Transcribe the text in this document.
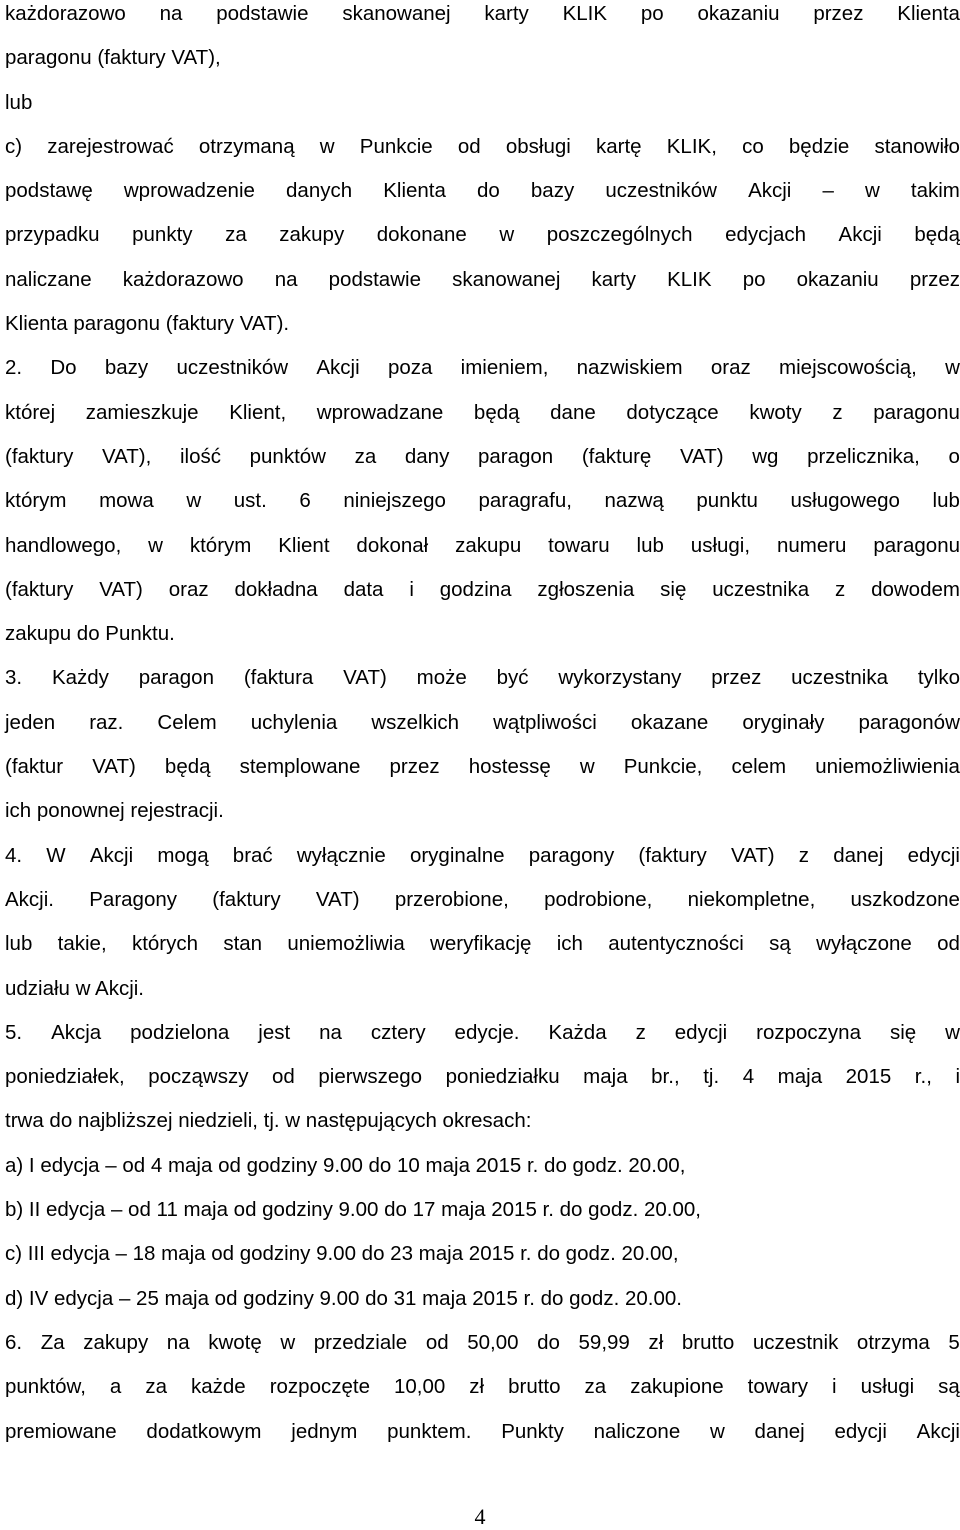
każdorazowo na podstawie skanowanej karty KLIK po okazaniu przez Klienta
paragonu (faktury VAT),
lub
c) zarejestrować otrzymaną w Punkcie od obsługi kartę KLIK, co będzie stanowiło
podstawę wprowadzenie danych Klienta do bazy uczestników Akcji – w takim
przypadku punkty za zakupy dokonane w poszczególnych edycjach Akcji będą
naliczane każdorazowo na podstawie skanowanej karty KLIK po okazaniu przez
Klienta paragonu (faktury VAT).
2. Do bazy uczestników Akcji poza imieniem, nazwiskiem oraz miejscowością, w
której zamieszkuje Klient, wprowadzane będą dane dotyczące kwoty z paragonu
(faktury VAT), ilość punktów za dany paragon (fakturę VAT) wg przelicznika, o
którym mowa w ust. 6 niniejszego paragrafu, nazwą punktu usługowego lub
handlowego, w którym Klient dokonał zakupu towaru lub usługi, numeru paragonu
(faktury VAT) oraz dokładna data i godzina zgłoszenia się uczestnika z dowodem
zakupu do Punktu.
3. Każdy paragon (faktura VAT) może być wykorzystany przez uczestnika tylko
jeden raz. Celem uchylenia wszelkich wątpliwości okazane oryginały paragonów
(faktur VAT) będą stemplowane przez hostessę w Punkcie, celem uniemożliwienia
ich ponownej rejestracji.
4. W Akcji mogą brać wyłącznie oryginalne paragony (faktury VAT) z danej edycji
Akcji. Paragony (faktury VAT) przerobione, podrobione, niekompletne, uszkodzone
lub takie, których stan uniemożliwia weryfikację ich autentyczności są wyłączone od
udziału w Akcji.
5. Akcja podzielona jest na cztery edycje. Każda z edycji rozpoczyna się w
poniedziałek, począwszy od pierwszego poniedziałku maja br., tj. 4 maja 2015 r., i
trwa do najbliższej niedzieli, tj. w następujących okresach:
a) I edycja – od 4 maja od godziny 9.00 do 10 maja 2015 r. do godz. 20.00,
b) II edycja – od 11 maja od godziny 9.00 do 17 maja 2015 r. do godz. 20.00,
c) III edycja – 18 maja od godziny 9.00 do 23 maja 2015 r. do godz. 20.00,
d) IV edycja – 25 maja od godziny 9.00 do 31 maja 2015 r. do godz. 20.00.
6. Za zakupy na kwotę w przedziale od 50,00 do 59,99 zł brutto uczestnik otrzyma 5
punktów, a za każde rozpoczęte 10,00 zł brutto za zakupione towary i usługi są
premiowane dodatkowym jednym punktem. Punkty naliczone w danej edycji Akcji
4
